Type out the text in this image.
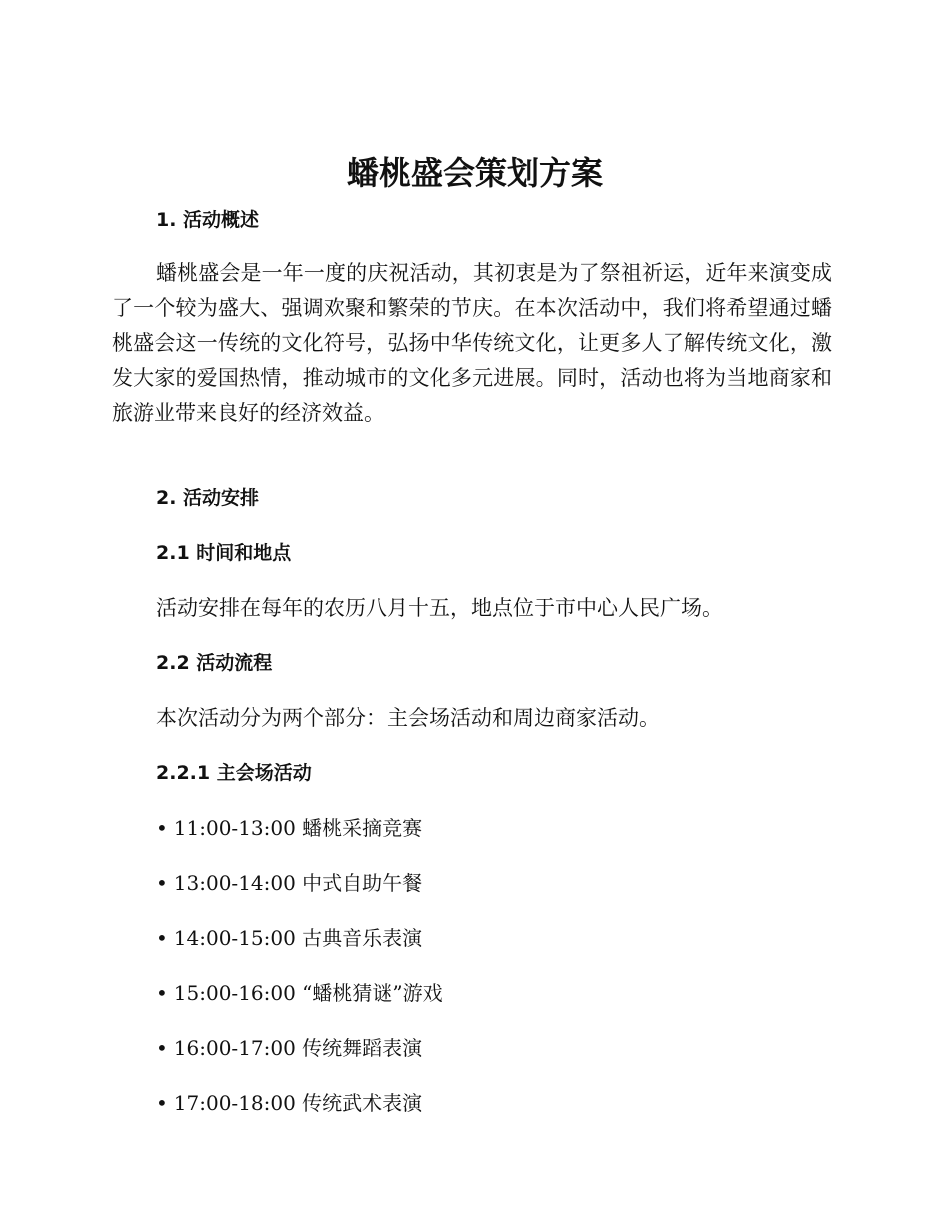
蟠桃盛会策划方案
1. 活动概述

蟠桃盛会是一年一度的庆祝活动，其初衷是为了祭祖祈运，近年来演变成了一个较为盛大、强调欢聚和繁荣的节庆。在本次活动中，我们将希望通过蟠桃盛会这一传统的文化符号，弘扬中华传统文化，让更多人了解传统文化，激发大家的爱国热情，推动城市的文化多元进展。同时，活动也将为当地商家和旅游业带来良好的经济效益。

2. 活动安排
2.1 时间和地点

活动安排在每年的农历八月十五，地点位于市中心人民广场。

2.2 活动流程

本次活动分为两个部分：主会场活动和周边商家活动。

2.2.1 主会场活动
• 11:00-13:00 蟠桃采摘竞赛
• 13:00-14:00 中式自助午餐
• 14:00-15:00 古典音乐表演
• 15:00-16:00 “蟠桃猜谜”游戏
• 16:00-17:00 传统舞蹈表演
• 17:00-18:00 传统武术表演
